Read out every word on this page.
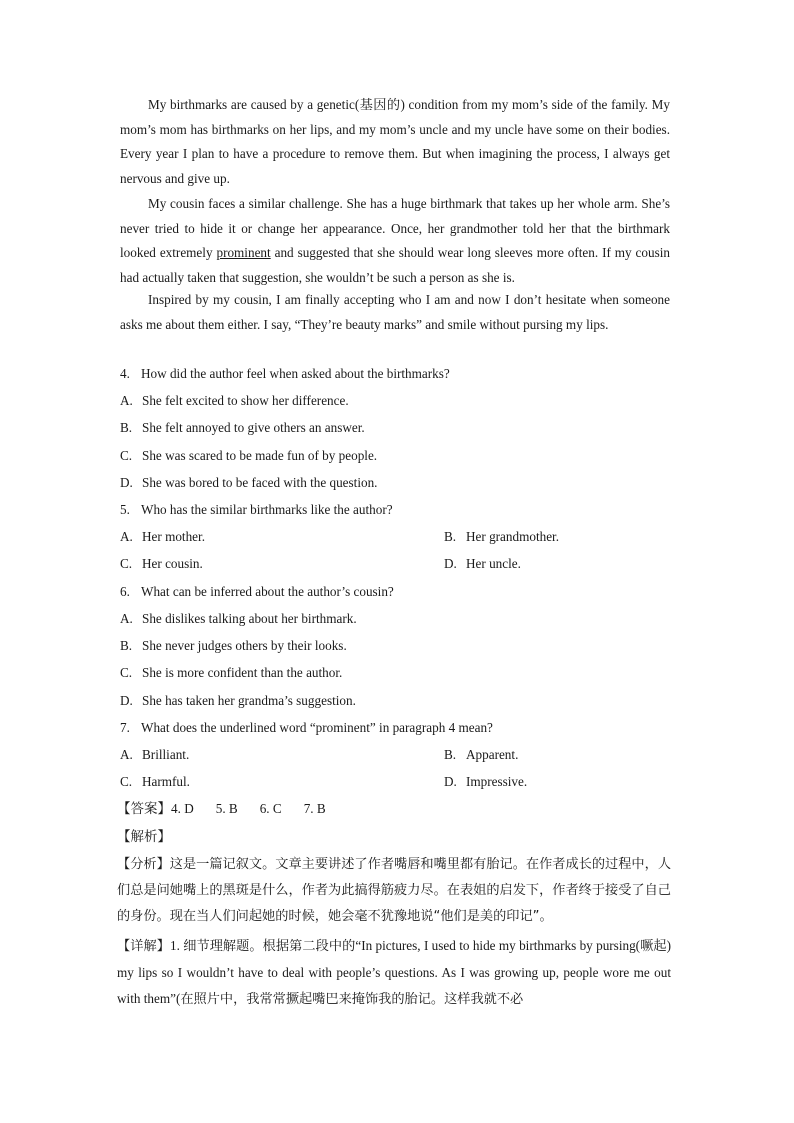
My birthmarks are caused by a genetic(基因的) condition from my mom’s side of the family. My mom’s mom has birthmarks on her lips, and my mom’s uncle and my uncle have some on their bodies. Every year I plan to have a procedure to remove them. But when imagining the process, I always get nervous and give up.

My cousin faces a similar challenge. She has a huge birthmark that takes up her whole arm. She’s never tried to hide it or change her appearance. Once, her grandmother told her that the birthmark looked extremely prominent and suggested that she should wear long sleeves more often. If my cousin had actually taken that suggestion, she wouldn’t be such a person as she is.

Inspired by my cousin, I am finally accepting who I am and now I don’t hesitate when someone asks me about them either. I say, “They’re beauty marks” and smile without pursing my lips.

4. How did the author feel when asked about the birthmarks?
A. She felt excited to show her difference.
B. She felt annoyed to give others an answer.
C. She was scared to be made fun of by people.
D. She was bored to be faced with the question.
5. Who has the similar birthmarks like the author?
A. Her mother.	B. Her grandmother.
C. Her cousin.	D. Her uncle.
6. What can be inferred about the author’s cousin?
A. She dislikes talking about her birthmark.
B. She never judges others by their looks.
C. She is more confident than the author.
D. She has taken her grandma’s suggestion.
7. What does the underlined word “prominent” in paragraph 4 mean?
A. Brilliant.	B. Apparent.
C. Harmful.	D. Impressive.
【答案】4. D 5. B 6. C 7. B
【解析】

【分析】这是一篇记叙文。文章主要讲述了作者嘴唇和嘴里都有胎记。在作者成长的过程中，人们总是问她嘴上的黑斑是什么，作者为此搞得筋疲力尽。在表姐的启发下，作者终于接受了自己的身份。现在当人们问起她的时候，她会毫不犹豫地说“他们是美的印记”。

【详解】1. 细节理解题。根据第二段中的“In pictures, I used to hide my birthmarks by pursing(噘起) my lips so I wouldn’t have to deal with people’s questions. As I was growing up, people wore me out with them”(在照片中，我常常撅起嘴巴来掩饰我的胎记。这样我就不必
